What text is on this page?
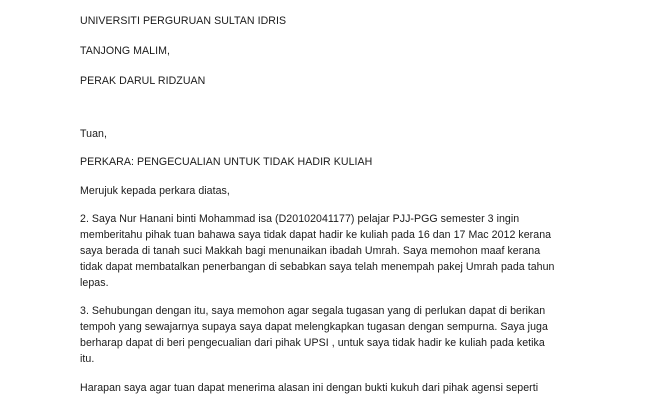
UNIVERSITI PERGURUAN SULTAN IDRIS
TANJONG MALIM,
PERAK DARUL RIDZUAN
Tuan,
PERKARA: PENGECUALIAN UNTUK TIDAK HADIR KULIAH
Merujuk kepada perkara diatas,
2. Saya Nur Hanani binti Mohammad isa (D20102041177) pelajar PJJ-PGG semester 3 ingin
memberitahu pihak tuan bahawa saya tidak dapat hadir ke kuliah pada 16 dan 17 Mac 2012 kerana
saya berada di tanah suci Makkah bagi menunaikan ibadah Umrah. Saya memohon maaf kerana
tidak dapat membatalkan penerbangan di sebabkan saya telah menempah pakej Umrah pada tahun
lepas.
3. Sehubungan dengan itu, saya memohon agar segala tugasan yang di perlukan dapat di berikan
tempoh yang sewajarnya supaya saya dapat melengkapkan tugasan dengan sempurna. Saya juga
berharap dapat di beri pengecualian dari pihak UPSI , untuk saya tidak hadir ke kuliah pada ketika
itu.
Harapan saya agar tuan dapat menerima alasan ini dengan bukti kukuh dari pihak agensi seperti
